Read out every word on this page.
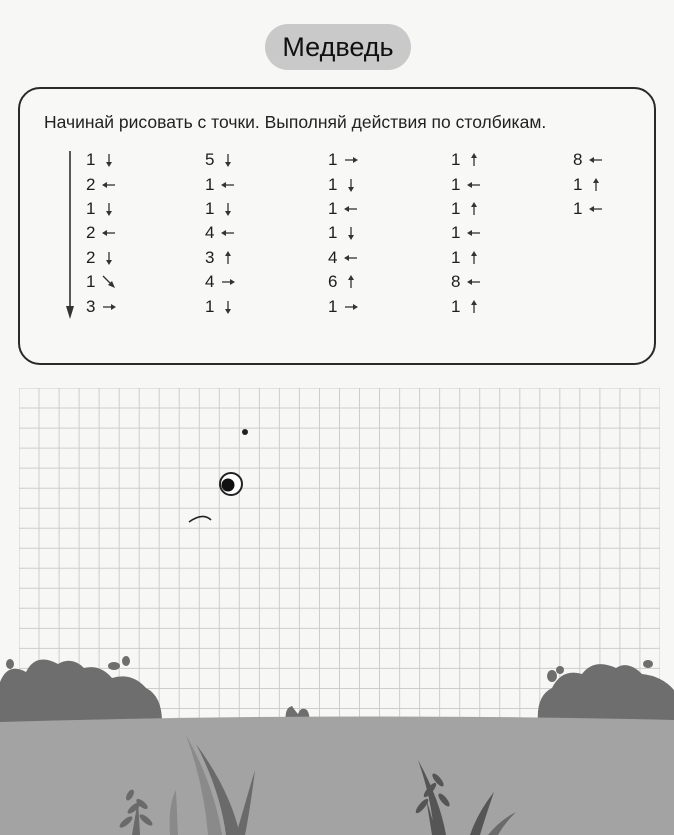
Медведь
Начинай рисовать с точки. Выполняй действия по столбикам.
1
2
1
2
2
1
3
5
1
1
4
3
4
1
1
1
1
1
4
6
1
1
1
1
1
1
8
1
8
1
1
